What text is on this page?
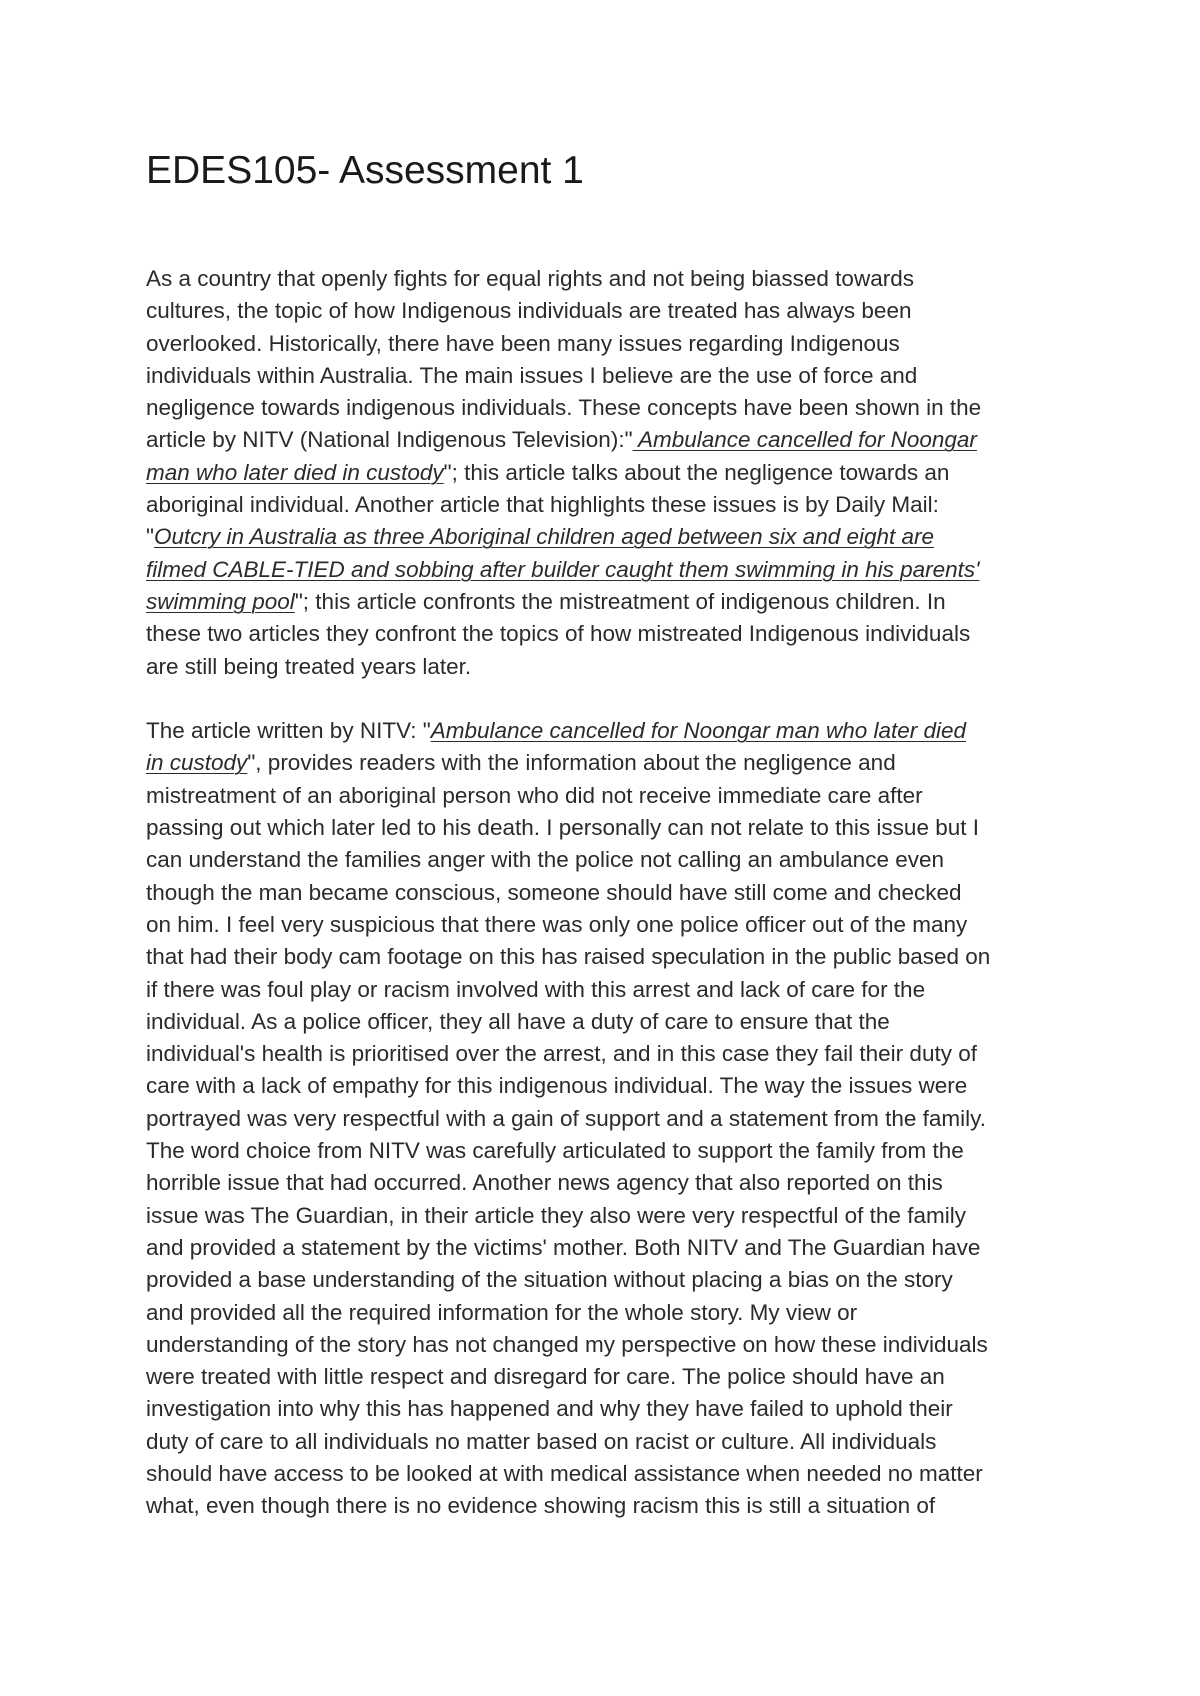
EDES105- Assessment 1
As a country that openly fights for equal rights and not being biassed towards
cultures, the topic of how Indigenous individuals are treated has always been
overlooked. Historically, there have been many issues regarding Indigenous
individuals within Australia. The main issues I believe are the use of force and
negligence towards indigenous individuals. These concepts have been shown in the
article by NITV (National Indigenous Television):" Ambulance cancelled for Noongar
man who later died in custody"; this article talks about the negligence towards an
aboriginal individual. Another article that highlights these issues is by Daily Mail:
"Outcry in Australia as three Aboriginal children aged between six and eight are
filmed CABLE-TIED and sobbing after builder caught them swimming in his parents'
swimming pool"; this article confronts the mistreatment of indigenous children. In
these two articles they confront the topics of how mistreated Indigenous individuals
are still being treated years later.
The article written by NITV: "Ambulance cancelled for Noongar man who later died
in custody", provides readers with the information about the negligence and
mistreatment of an aboriginal person who did not receive immediate care after
passing out which later led to his death. I personally can not relate to this issue but I
can understand the families anger with the police not calling an ambulance even
though the man became conscious, someone should have still come and checked
on him. I feel very suspicious that there was only one police officer out of the many
that had their body cam footage on this has raised speculation in the public based on
if there was foul play or racism involved with this arrest and lack of care for the
individual. As a police officer, they all have a duty of care to ensure that the
individual's health is prioritised over the arrest, and in this case they fail their duty of
care with a lack of empathy for this indigenous individual. The way the issues were
portrayed was very respectful with a gain of support and a statement from the family.
The word choice from NITV was carefully articulated to support the family from the
horrible issue that had occurred. Another news agency that also reported on this
issue was The Guardian, in their article they also were very respectful of the family
and provided a statement by the victims' mother. Both NITV and The Guardian have
provided a base understanding of the situation without placing a bias on the story
and provided all the required information for the whole story. My view or
understanding of the story has not changed my perspective on how these individuals
were treated with little respect and disregard for care. The police should have an
investigation into why this has happened and why they have failed to uphold their
duty of care to all individuals no matter based on racist or culture. All individuals
should have access to be looked at with medical assistance when needed no matter
what, even though there is no evidence showing racism this is still a situation of
